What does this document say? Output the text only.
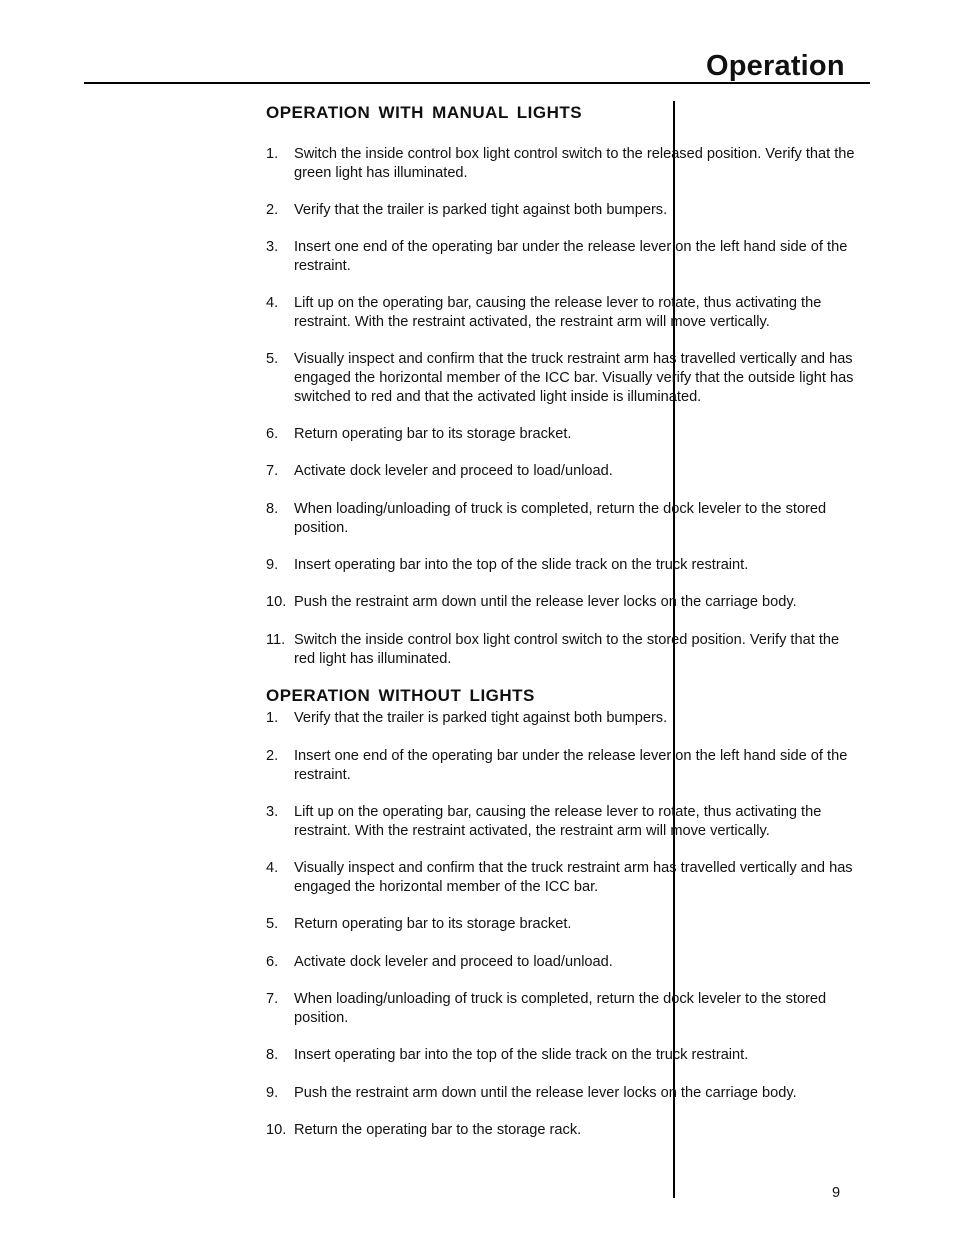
Operation
OPERATION WITH MANUAL LIGHTS
1. Switch the inside control box light control switch to the released position. Verify that the green light has illuminated.
2. Verify that the trailer is parked tight against both bumpers.
3. Insert one end of the operating bar under the release lever on the left hand side of the restraint.
4. Lift up on the operating bar, causing the release lever to rotate, thus activating the restraint. With the restraint activated, the restraint arm will move vertically.
5. Visually inspect and confirm that the truck restraint arm has travelled vertically and has engaged the horizontal member of the ICC bar. Visually verify that the outside light has switched to red and that the activated light inside is illuminated.
6. Return operating bar to its storage bracket.
7. Activate dock leveler and proceed to load/unload.
8. When loading/unloading of truck is completed, return the dock leveler to the stored position.
9. Insert operating bar into the top of the slide track on the truck restraint.
10. Push the restraint arm down until the release lever locks on the carriage body.
11. Switch the inside control box light control switch to the stored position. Verify that the red light has illuminated.
OPERATION WITHOUT LIGHTS
1. Verify that the trailer is parked tight against both bumpers.
2. Insert one end of the operating bar under the release lever on the left hand side of the restraint.
3. Lift up on the operating bar, causing the release lever to rotate, thus activating the restraint. With the restraint activated, the restraint arm will move vertically.
4. Visually inspect and confirm that the truck restraint arm has travelled vertically and has engaged the horizontal member of the ICC bar.
5. Return operating bar to its storage bracket.
6. Activate dock leveler and proceed to load/unload.
7. When loading/unloading of truck is completed, return the dock leveler to the stored position.
8. Insert operating bar into the top of the slide track on the truck restraint.
9. Push the restraint arm down until the release lever locks on the carriage body.
10. Return the operating bar to the storage rack.
9
